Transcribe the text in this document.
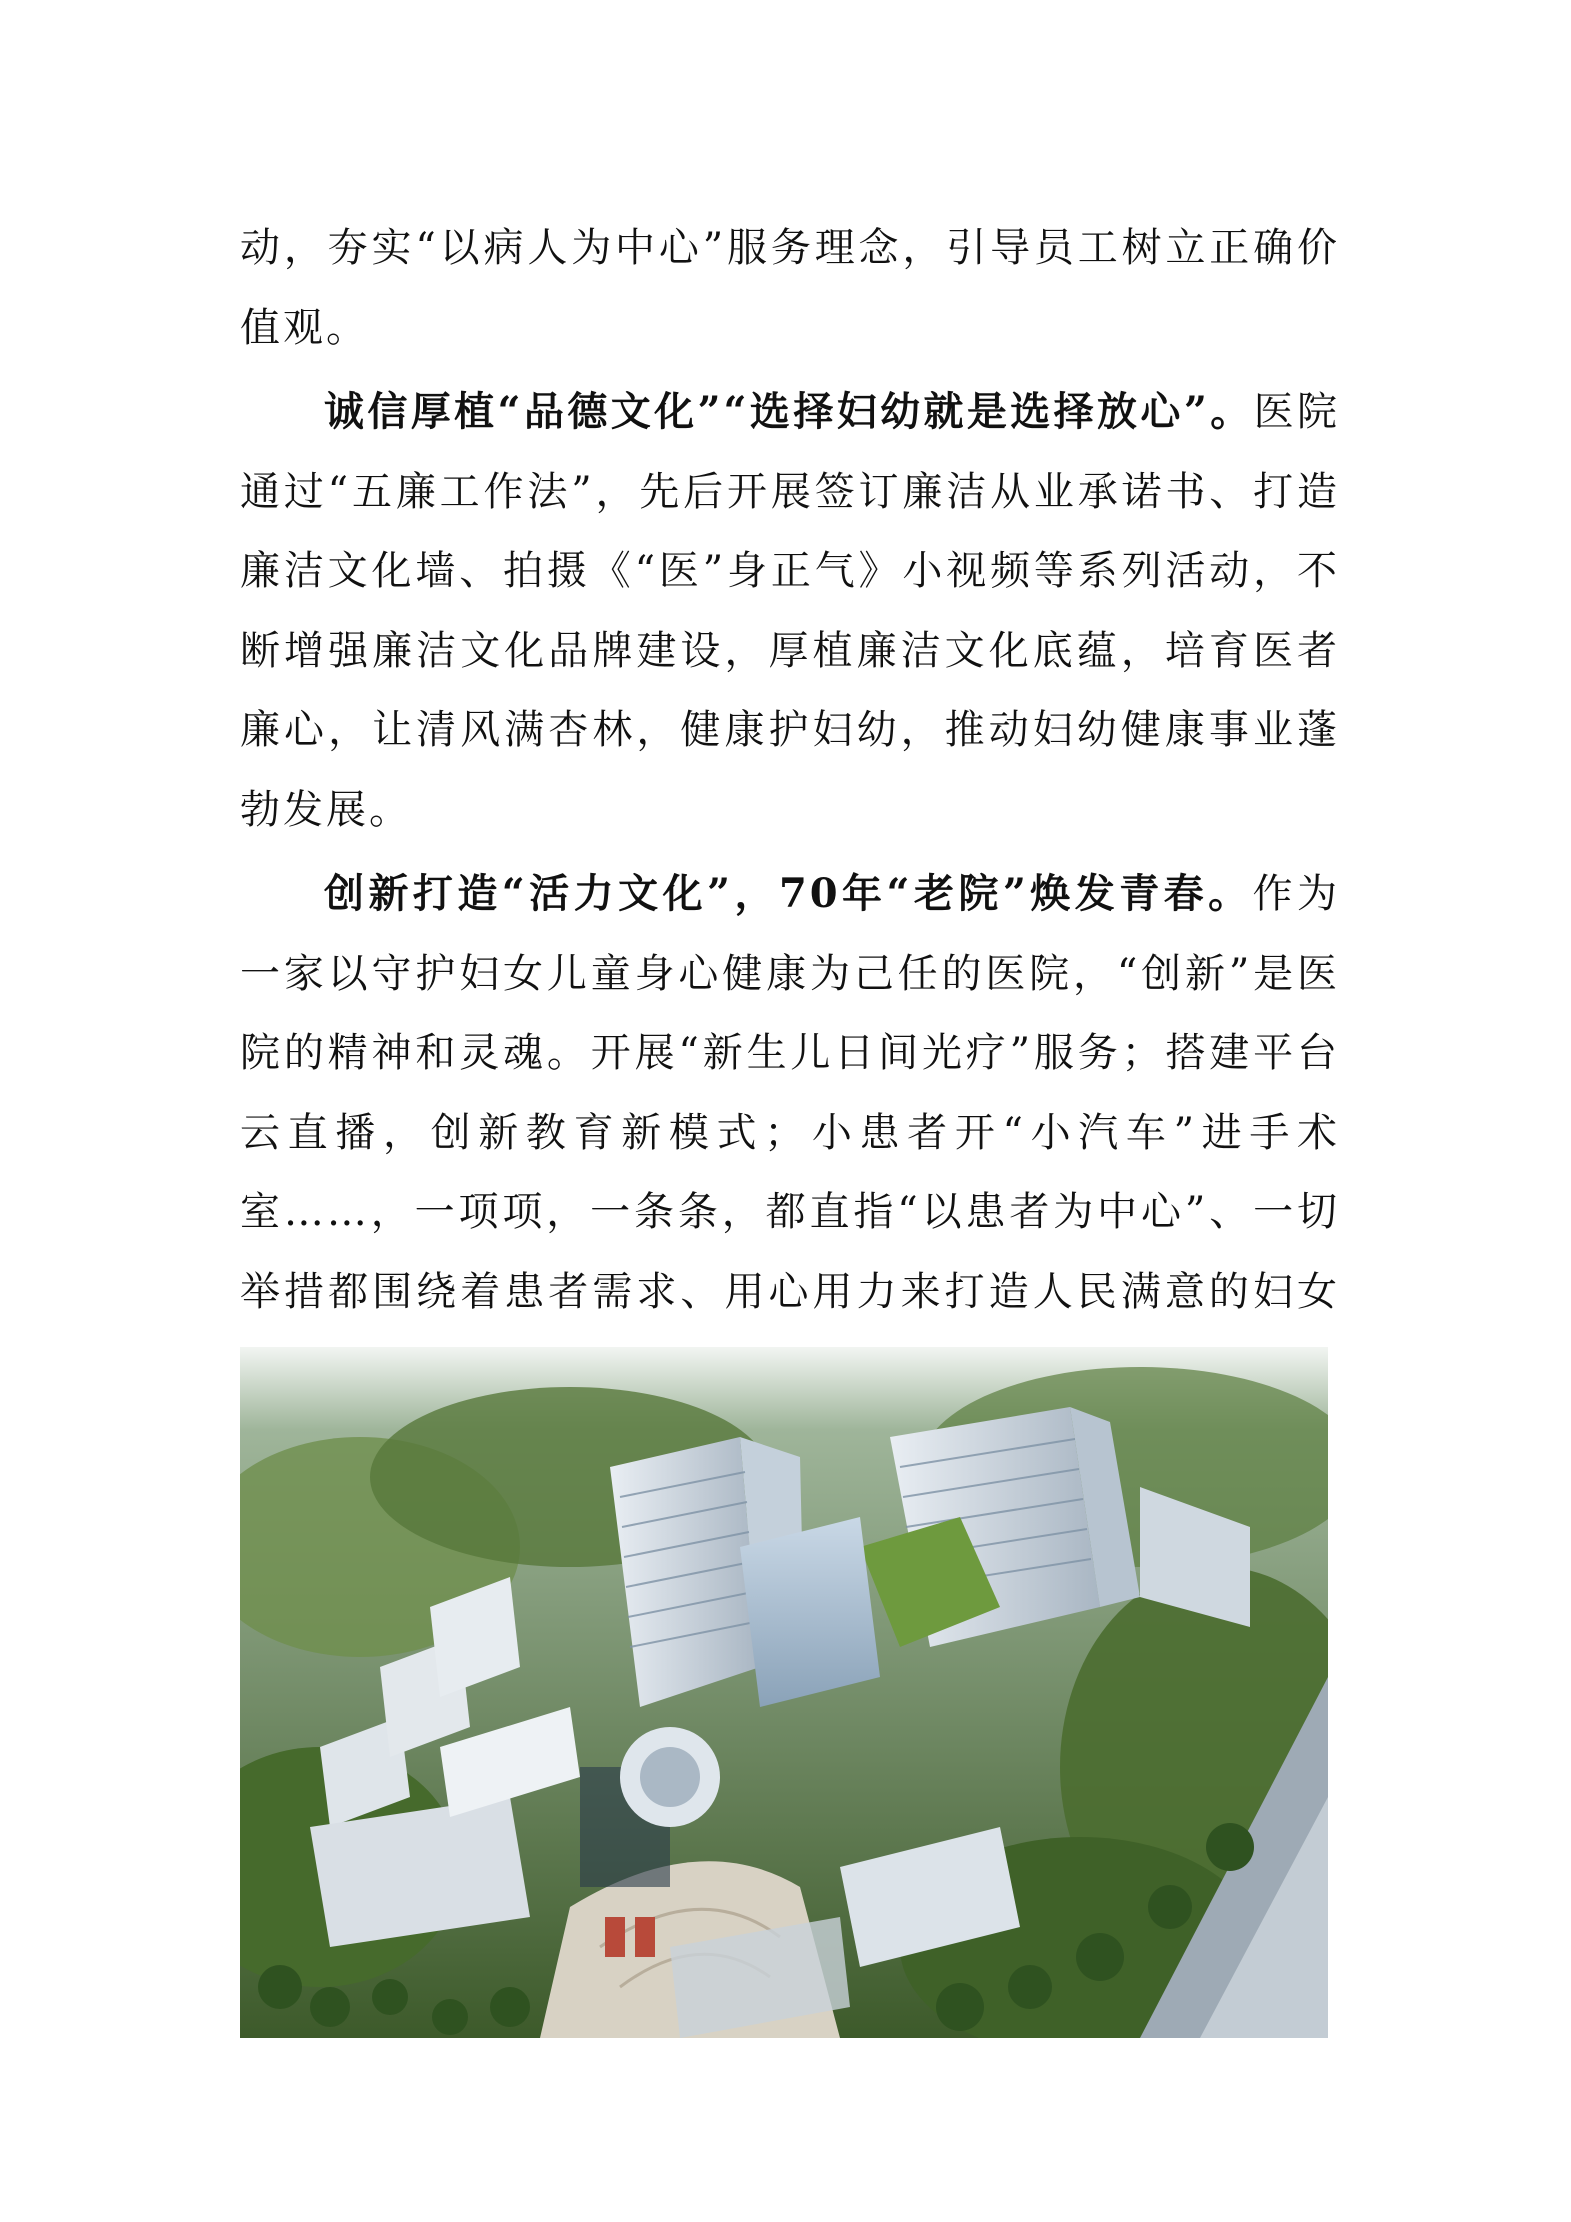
动，夯实“以病人为中心”服务理念，引导员工树立正确价值观。

诚信厚植“品德文化”“选择妇幼就是选择放心”。医院通过“五廉工作法”，先后开展签订廉洁从业承诺书、打造廉洁文化墙、拍摄《“医”身正气》小视频等系列活动，不断增强廉洁文化品牌建设，厚植廉洁文化底蕴，培育医者廉心，让清风满杏林，健康护妇幼，推动妇幼健康事业蓬勃发展。

创新打造“活力文化”，70年“老院”焕发青春。作为一家以守护妇女儿童身心健康为己任的医院，“创新”是医院的精神和灵魂。开展“新生儿日间光疗”服务；搭建平台云直播，创新教育新模式；小患者开“小汽车”进手术室……，一项项，一条条，都直指“以患者为中心”、一切举措都围绕着患者需求、用心用力来打造人民满意的妇女
